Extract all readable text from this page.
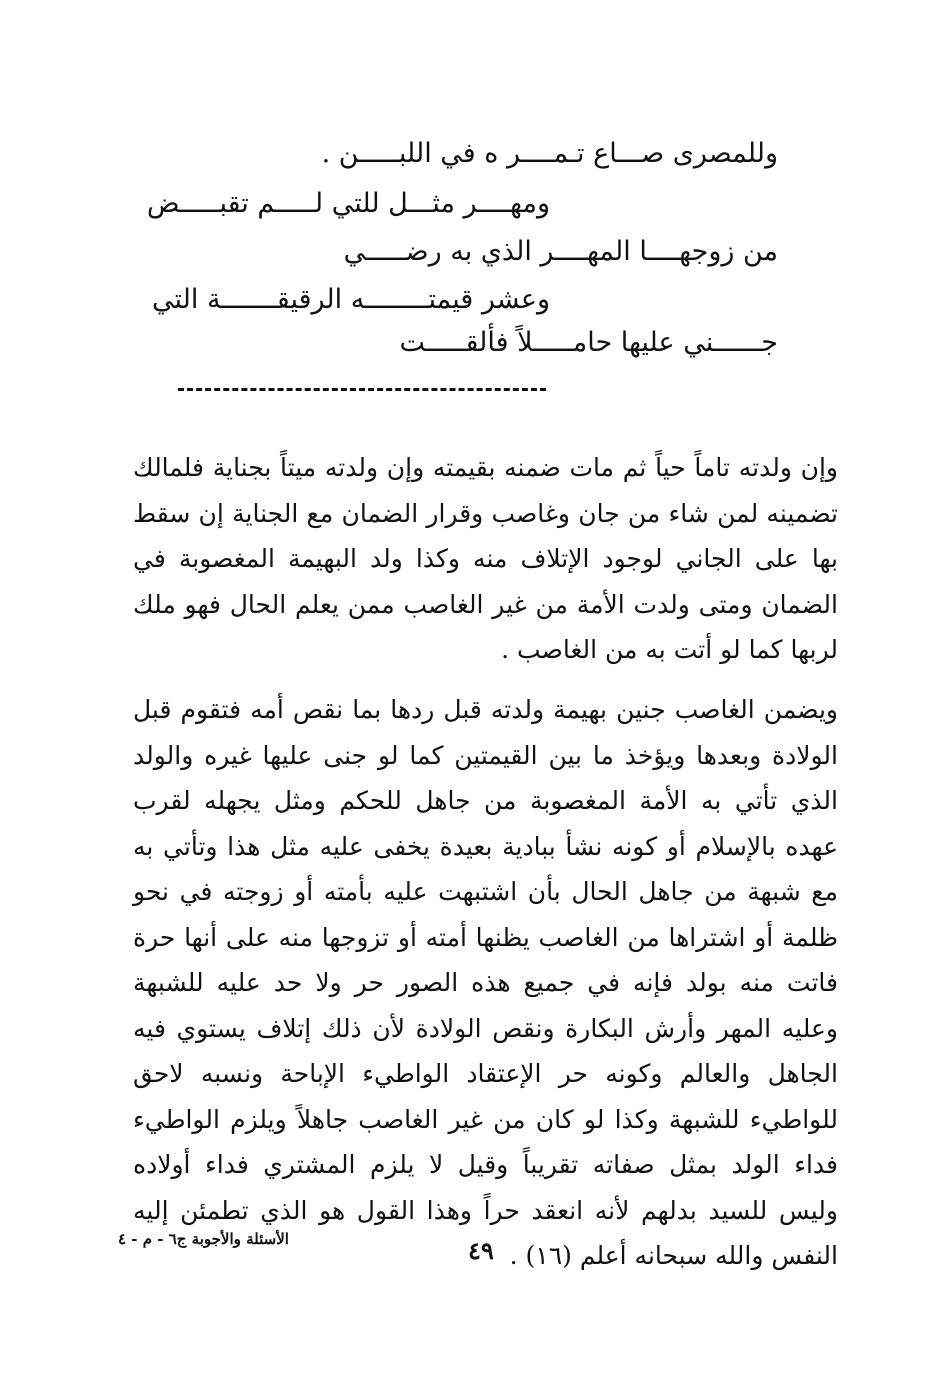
وللمصرى صـــاع تـمــــر ه في اللبـــــن .
ومهــــر مثـــل للتي لـــــم تقبـــــض
من زوجهــــا المهــــر الذي به رضـــــي
وعشر قيمتــــــــه الرقيقـــــــة التي
جــــــني عليها حامـــــلاً فألقـــــت

وإن ولدته تاماً حياً ثم مات ضمنه بقيمته وإن ولدته ميتاً بجناية فلمالك تضمينه لمن شاء من جان وغاصب وقرار الضمان مع الجناية إن سقط بها على الجاني لوجود الإتلاف منه وكذا ولد البهيمة المغصوبة في الضمان ومتى ولدت الأمة من غير الغاصب ممن يعلم الحال فهو ملك لربها كما لو أتت به من الغاصب .

ويضمن الغاصب جنين بهيمة ولدته قبل ردها بما نقص أمه فتقوم قبل الولادة وبعدها ويؤخذ ما بين القيمتين كما لو جنى عليها غيره والولد الذي تأتي به الأمة المغصوبة من جاهل للحكم ومثل يجهله لقرب عهده بالإسلام أو كونه نشأ ببادية بعيدة يخفى عليه مثل هذا وتأتي به مع شبهة من جاهل الحال بأن اشتبهت عليه بأمته أو زوجته في نحو ظلمة أو اشتراها من الغاصب يظنها أمته أو تزوجها منه على أنها حرة فاتت منه بولد فإنه في جميع هذه الصور حر ولا حد عليه للشبهة وعليه المهر وأرش البكارة ونقص الولادة لأن ذلك إتلاف يستوي فيه الجاهل والعالم وكونه حر الإعتقاد الواطيء الإباحة ونسبه لاحق للواطيء للشبهة وكذا لو كان من غير الغاصب جاهلاً ويلزم الواطيء فداء الولد بمثل صفاته تقريباً وقيل لا يلزم المشتري فداء أولاده وليس للسيد بدلهم لأنه انعقد حراً وهذا القول هو الذي تطمئن إليه النفس والله سبحانه أعلم (١٦) .

٤٩
الأسئلة والأجوبة ج٦ - م - ٤
